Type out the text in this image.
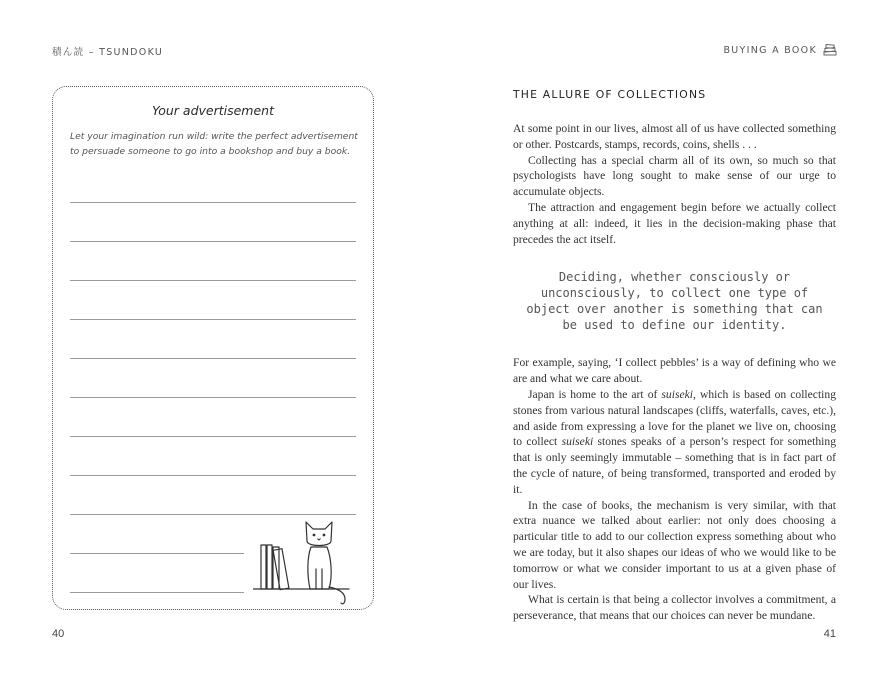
積ん読 – TSUNDOKU	BUYING A BOOK
Your advertisement
Let your imagination run wild: write the perfect advertisement to persuade someone to go into a bookshop and buy a book.
40
THE ALLURE OF COLLECTIONS

At some point in our lives, almost all of us have collected something or other. Postcards, stamps, records, coins, shells . . .

Collecting has a special charm all of its own, so much so that psychologists have long sought to make sense of our urge to accumulate objects.

The attraction and engagement begin before we actually collect anything at all: indeed, it lies in the decision-making phase that precedes the act itself.

Deciding, whether consciously or unconsciously, to collect one type of object over another is something that can be used to define our identity.

For example, saying, ‘I collect pebbles’ is a way of defining who we are and what we care about.

Japan is home to the art of suiseki, which is based on collecting stones from various natural landscapes (cliffs, waterfalls, caves, etc.), and aside from expressing a love for the planet we live on, choosing to collect suiseki stones speaks of a person’s respect for something that is only seemingly immutable – something that is in fact part of the cycle of nature, of being transformed, transported and eroded by it.

In the case of books, the mechanism is very similar, with that extra nuance we talked about earlier: not only does choosing a particular title to add to our collection express something about who we are today, but it also shapes our ideas of who we would like to be tomorrow or what we consider important to us at a given phase of our lives.

What is certain is that being a collector involves a commitment, a perseverance, that means that our choices can never be mundane.

41
